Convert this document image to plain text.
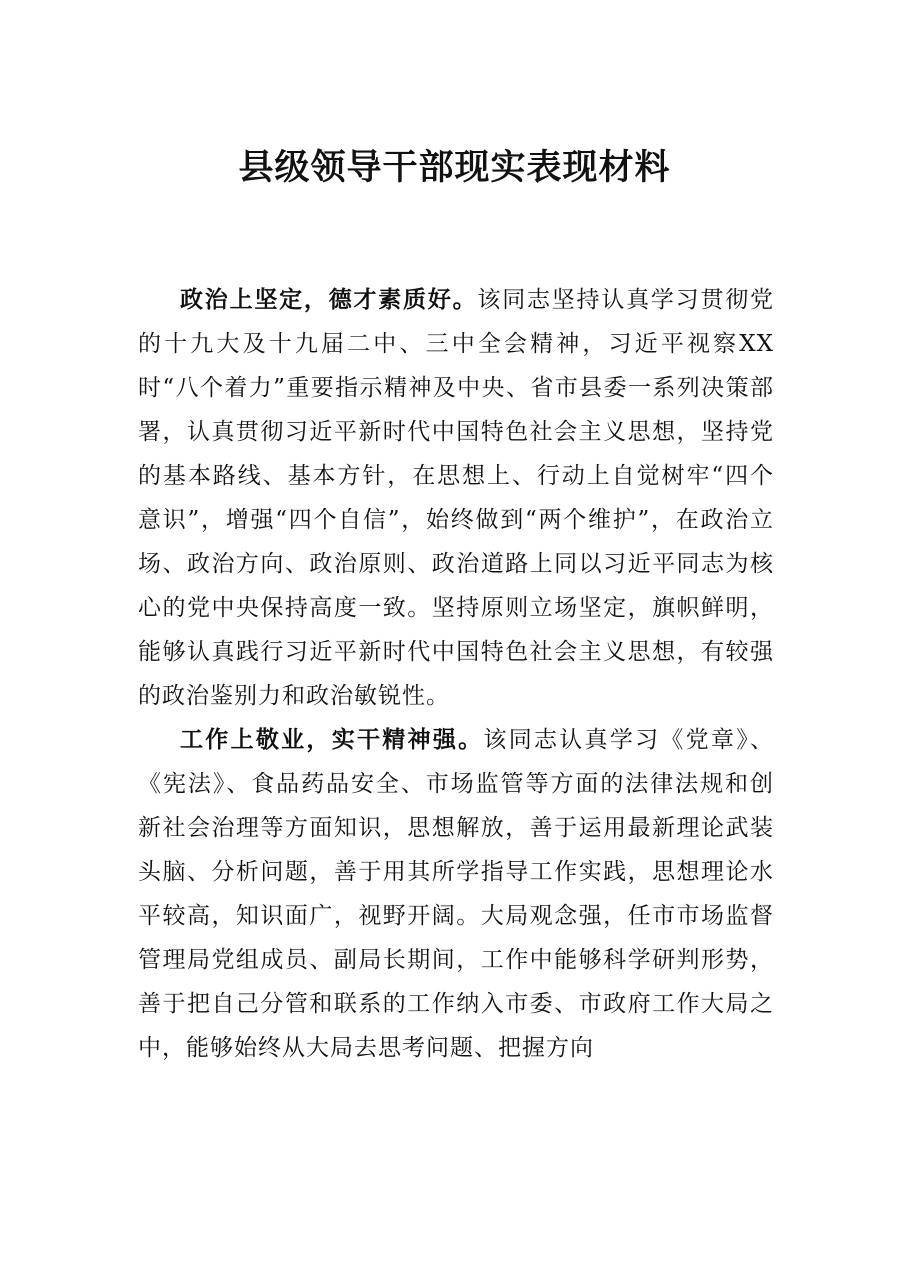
县级领导干部现实表现材料

政治上坚定，德才素质好。该同志坚持认真学习贯彻党的十九大及十九届二中、三中全会精神，习近平视察XX时“八个着力”重要指示精神及中央、省市县委一系列决策部署，认真贯彻习近平新时代中国特色社会主义思想，坚持党的基本路线、基本方针，在思想上、行动上自觉树牢“四个意识”，增强“四个自信”，始终做到“两个维护”，在政治立场、政治方向、政治原则、政治道路上同以习近平同志为核心的党中央保持高度一致。坚持原则立场坚定，旗帜鲜明，能够认真践行习近平新时代中国特色社会主义思想，有较强的政治鉴别力和政治敏锐性。

工作上敬业，实干精神强。该同志认真学习《党章》、《宪法》、食品药品安全、市场监管等方面的法律法规和创新社会治理等方面知识，思想解放，善于运用最新理论武装头脑、分析问题，善于用其所学指导工作实践，思想理论水平较高，知识面广，视野开阔。大局观念强，任市市场监督管理局党组成员、副局长期间，工作中能够科学研判形势，善于把自己分管和联系的工作纳入市委、市政府工作大局之中，能够始终从大局去思考问题、把握方向
